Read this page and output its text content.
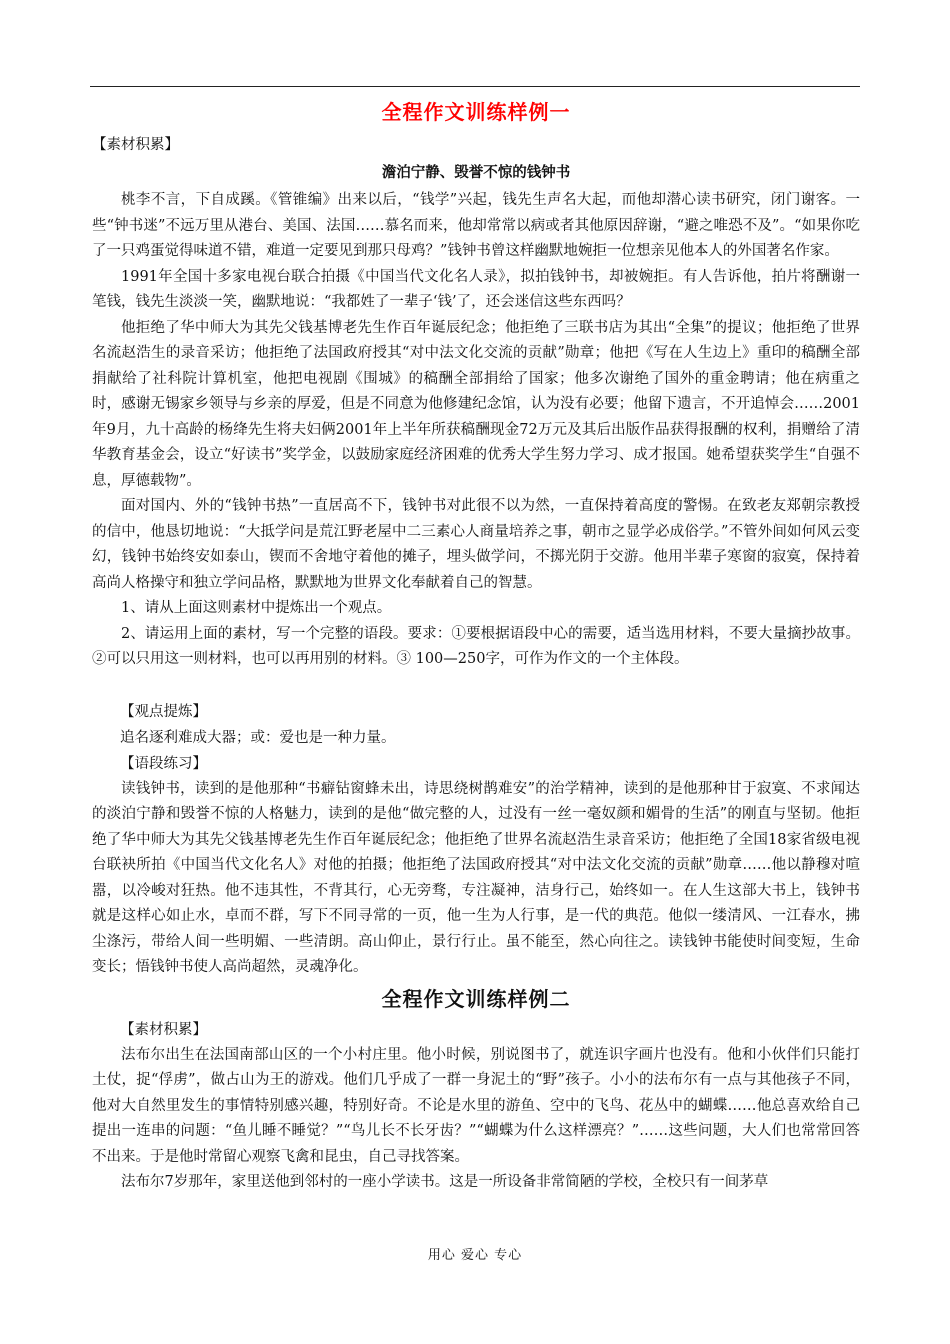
全程作文训练样例一

【素材积累】

澹泊宁静、毁誉不惊的钱钟书

桃李不言，下自成蹊。《管锥编》出来以后，“钱学”兴起，钱先生声名大起，而他却潜心读书研究，闭门谢客。一些“钟书迷”不远万里从港台、美国、法国……慕名而来，他却常常以病或者其他原因辞谢，“避之唯恐不及”。“如果你吃了一只鸡蛋觉得味道不错，难道一定要见到那只母鸡？”钱钟书曾这样幽默地婉拒一位想亲见他本人的外国著名作家。

1991年全国十多家电视台联合拍摄《中国当代文化名人录》，拟拍钱钟书，却被婉拒。有人告诉他，拍片将酬谢一笔钱，钱先生淡淡一笑，幽默地说：“我都姓了一辈子‘钱’了，还会迷信这些东西吗？

他拒绝了华中师大为其先父钱基博老先生作百年诞辰纪念；他拒绝了三联书店为其出“全集”的提议；他拒绝了世界名流赵浩生的录音采访；他拒绝了法国政府授其“对中法文化交流的贡献”勋章；他把《写在人生边上》重印的稿酬全部捐献给了社科院计算机室，他把电视剧《围城》的稿酬全部捐给了国家；他多次谢绝了国外的重金聘请；他在病重之时，感谢无锡家乡领导与乡亲的厚爱，但是不同意为他修建纪念馆，认为没有必要；他留下遗言，不开追悼会……2001年9月，九十高龄的杨绛先生将夫妇俩2001年上半年所获稿酬现金72万元及其后出版作品获得报酬的权利，捐赠给了清华教育基金会，设立“好读书”奖学金，以鼓励家庭经济困难的优秀大学生努力学习、成才报国。她希望获奖学生“自强不息，厚德载物”。

面对国内、外的“钱钟书热”一直居高不下，钱钟书对此很不以为然，一直保持着高度的警惕。在致老友郑朝宗教授的信中，他恳切地说：“大抵学问是荒江野老屋中二三素心人商量培养之事，朝市之显学必成俗学。”不管外间如何风云变幻，钱钟书始终安如泰山，锲而不舍地守着他的摊子，埋头做学问，不掷光阴于交游。他用半辈子寒窗的寂寞，保持着高尚人格操守和独立学问品格，默默地为世界文化奉献着自己的智慧。

1、请从上面这则素材中提炼出一个观点。

2、请运用上面的素材，写一个完整的语段。要求：①要根据语段中心的需要，适当选用材料，不要大量摘抄故事。②可以只用这一则材料，也可以再用别的材料。③ 100—250字，可作为作文的一个主体段。

【观点提炼】

追名逐利难成大器；或：爱也是一种力量。

【语段练习】

读钱钟书，读到的是他那种“书癖钻窗蜂未出，诗思绕树鹊难安”的治学精神，读到的是他那种甘于寂寞、不求闻达的淡泊宁静和毁誉不惊的人格魅力，读到的是他“做完整的人，过没有一丝一毫奴颜和媚骨的生活”的刚直与坚韧。他拒绝了华中师大为其先父钱基博老先生作百年诞辰纪念；他拒绝了世界名流赵浩生录音采访；他拒绝了全国18家省级电视台联袂所拍《中国当代文化名人》对他的拍摄；他拒绝了法国政府授其“对中法文化交流的贡献”勋章……他以静穆对喧嚣，以冷峻对狂热。他不违其性，不背其行，心无旁骛，专注凝神，洁身行己，始终如一。在人生这部大书上，钱钟书就是这样心如止水，卓而不群，写下不同寻常的一页，他一生为人行事，是一代的典范。他似一缕清风、一江春水，拂尘涤污，带给人间一些明媚、一些清朗。高山仰止，景行行止。虽不能至，然心向往之。读钱钟书能使时间变短，生命变长；悟钱钟书使人高尚超然，灵魂净化。

全程作文训练样例二

【素材积累】

法布尔出生在法国南部山区的一个小村庄里。他小时候，别说图书了，就连识字画片也没有。他和小伙伴们只能打土仗，捉“俘虏”，做占山为王的游戏。他们几乎成了一群一身泥土的“野”孩子。小小的法布尔有一点与其他孩子不同，他对大自然里发生的事情特别感兴趣，特别好奇。不论是水里的游鱼、空中的飞鸟、花丛中的蝴蝶……他总喜欢给自己提出一连串的问题：“鱼儿睡不睡觉？”“鸟儿长不长牙齿？”“蝴蝶为什么这样漂亮？”……这些问题，大人们也常常回答不出来。于是他时常留心观察飞禽和昆虫，自己寻找答案。

法布尔7岁那年，家里送他到邻村的一座小学读书。这是一所设备非常简陋的学校，全校只有一间茅草

用心 爱心 专心
